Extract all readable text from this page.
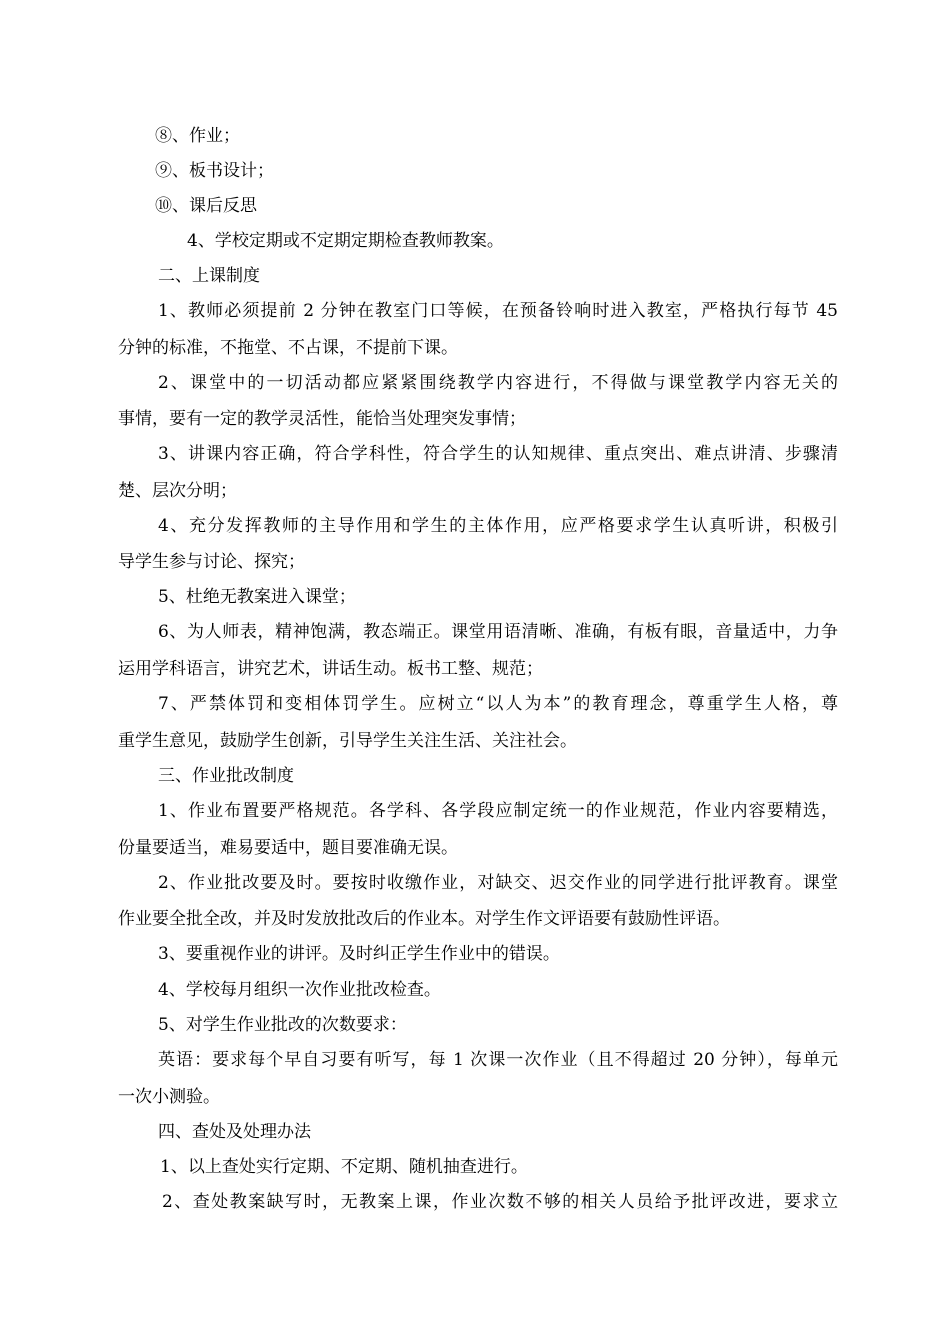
⑧、作业；
⑨、板书设计；
⑩、课后反思
4、学校定期或不定期定期检查教师教案。
二、上课制度
1、教师必须提前 2 分钟在教室门口等候，在预备铃响时进入教室，严格执行每节 45
分钟的标准，不拖堂、不占课，不提前下课。
2、课堂中的一切活动都应紧紧围绕教学内容进行，不得做与课堂教学内容无关的
事情，要有一定的教学灵活性，能恰当处理突发事情；
3、讲课内容正确，符合学科性，符合学生的认知规律、重点突出、难点讲清、步骤清
楚、层次分明；
4、充分发挥教师的主导作用和学生的主体作用，应严格要求学生认真听讲，积极引
导学生参与讨论、探究；
5、杜绝无教案进入课堂；
6、为人师表，精神饱满，教态端正。课堂用语清晰、准确，有板有眼，音量适中，力争
运用学科语言，讲究艺术，讲话生动。板书工整、规范；
7、严禁体罚和变相体罚学生。应树立“以人为本”的教育理念，尊重学生人格，尊
重学生意见，鼓励学生创新，引导学生关注生活、关注社会。
三、作业批改制度
1、作业布置要严格规范。各学科、各学段应制定统一的作业规范，作业内容要精选，
份量要适当，难易要适中，题目要准确无误。
2、作业批改要及时。要按时收缴作业，对缺交、迟交作业的同学进行批评教育。课堂
作业要全批全改，并及时发放批改后的作业本。对学生作文评语要有鼓励性评语。
3、要重视作业的讲评。及时纠正学生作业中的错误。
4、学校每月组织一次作业批改检查。
5、对学生作业批改的次数要求：
英语：要求每个早自习要有听写，每 1 次课一次作业（且不得超过 20 分钟），每单元
一次小测验。
四、查处及处理办法
1、以上查处实行定期、不定期、随机抽查进行。
2、查处教案缺写时，无教案上课，作业次数不够的相关人员给予批评改进，要求立
